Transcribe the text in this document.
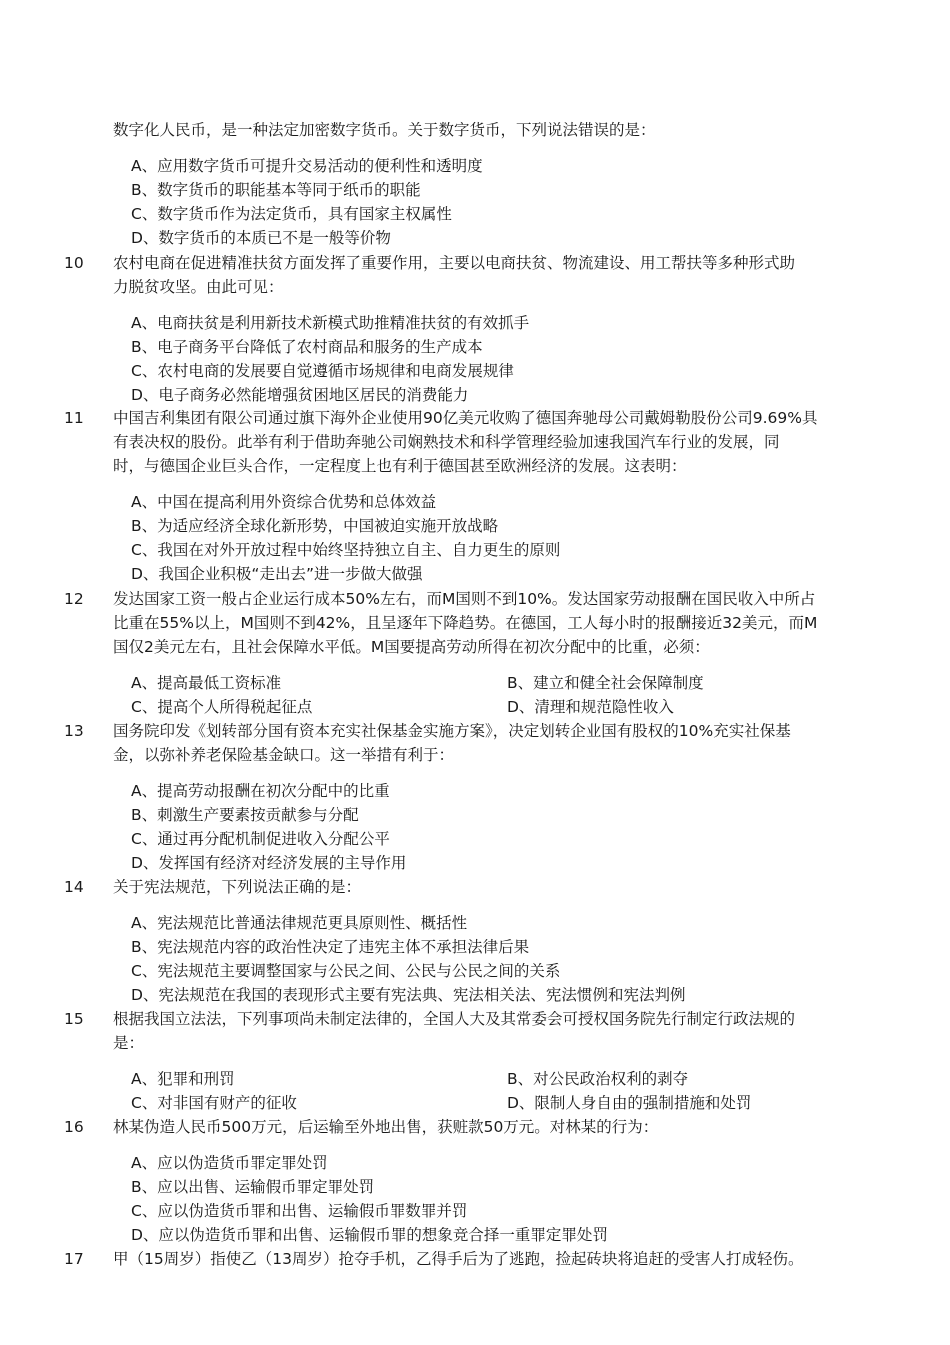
数字化人民币，是一种法定加密数字货币。关于数字货币，下列说法错误的是：
A、应用数字货币可提升交易活动的便利性和透明度
B、数字货币的职能基本等同于纸币的职能
C、数字货币作为法定货币，具有国家主权属性
D、数字货币的本质已不是一般等价物
10 农村电商在促进精准扶贫方面发挥了重要作用，主要以电商扶贫、物流建设、用工帮扶等多种形式助
力脱贫攻坚。由此可见：
A、电商扶贫是利用新技术新模式助推精准扶贫的有效抓手
B、电子商务平台降低了农村商品和服务的生产成本
C、农村电商的发展要自觉遵循市场规律和电商发展规律
D、电子商务必然能增强贫困地区居民的消费能力
11 中国吉利集团有限公司通过旗下海外企业使用90亿美元收购了德国奔驰母公司戴姆勒股份公司9.69%具
有表决权的股份。此举有利于借助奔驰公司娴熟技术和科学管理经验加速我国汽车行业的发展，同
时，与德国企业巨头合作，一定程度上也有利于德国甚至欧洲经济的发展。这表明：
A、中国在提高利用外资综合优势和总体效益
B、为适应经济全球化新形势，中国被迫实施开放战略
C、我国在对外开放过程中始终坚持独立自主、自力更生的原则
D、我国企业积极“走出去”进一步做大做强
12 发达国家工资一般占企业运行成本50%左右，而M国则不到10%。发达国家劳动报酬在国民收入中所占
比重在55%以上，M国则不到42%，且呈逐年下降趋势。在德国，工人每小时的报酬接近32美元，而M
国仅2美元左右，且社会保障水平低。M国要提高劳动所得在初次分配中的比重，必须：
A、提高最低工资标准	B、建立和健全社会保障制度
C、提高个人所得税起征点	D、清理和规范隐性收入
13 国务院印发《划转部分国有资本充实社保基金实施方案》，决定划转企业国有股权的10%充实社保基
金，以弥补养老保险基金缺口。这一举措有利于：
A、提高劳动报酬在初次分配中的比重
B、刺激生产要素按贡献参与分配
C、通过再分配机制促进收入分配公平
D、发挥国有经济对经济发展的主导作用
14 关于宪法规范，下列说法正确的是：
A、宪法规范比普通法律规范更具原则性、概括性
B、宪法规范内容的政治性决定了违宪主体不承担法律后果
C、宪法规范主要调整国家与公民之间、公民与公民之间的关系
D、宪法规范在我国的表现形式主要有宪法典、宪法相关法、宪法惯例和宪法判例
15 根据我国立法法，下列事项尚未制定法律的，全国人大及其常委会可授权国务院先行制定行政法规的
是：
A、犯罪和刑罚	B、对公民政治权利的剥夺
C、对非国有财产的征收	D、限制人身自由的强制措施和处罚
16 林某伪造人民币500万元，后运输至外地出售，获赃款50万元。对林某的行为：
A、应以伪造货币罪定罪处罚
B、应以出售、运输假币罪定罪处罚
C、应以伪造货币罪和出售、运输假币罪数罪并罚
D、应以伪造货币罪和出售、运输假币罪的想象竞合择一重罪定罪处罚
17 甲（15周岁）指使乙（13周岁）抢夺手机，乙得手后为了逃跑，捡起砖块将追赶的受害人打成轻伤。
